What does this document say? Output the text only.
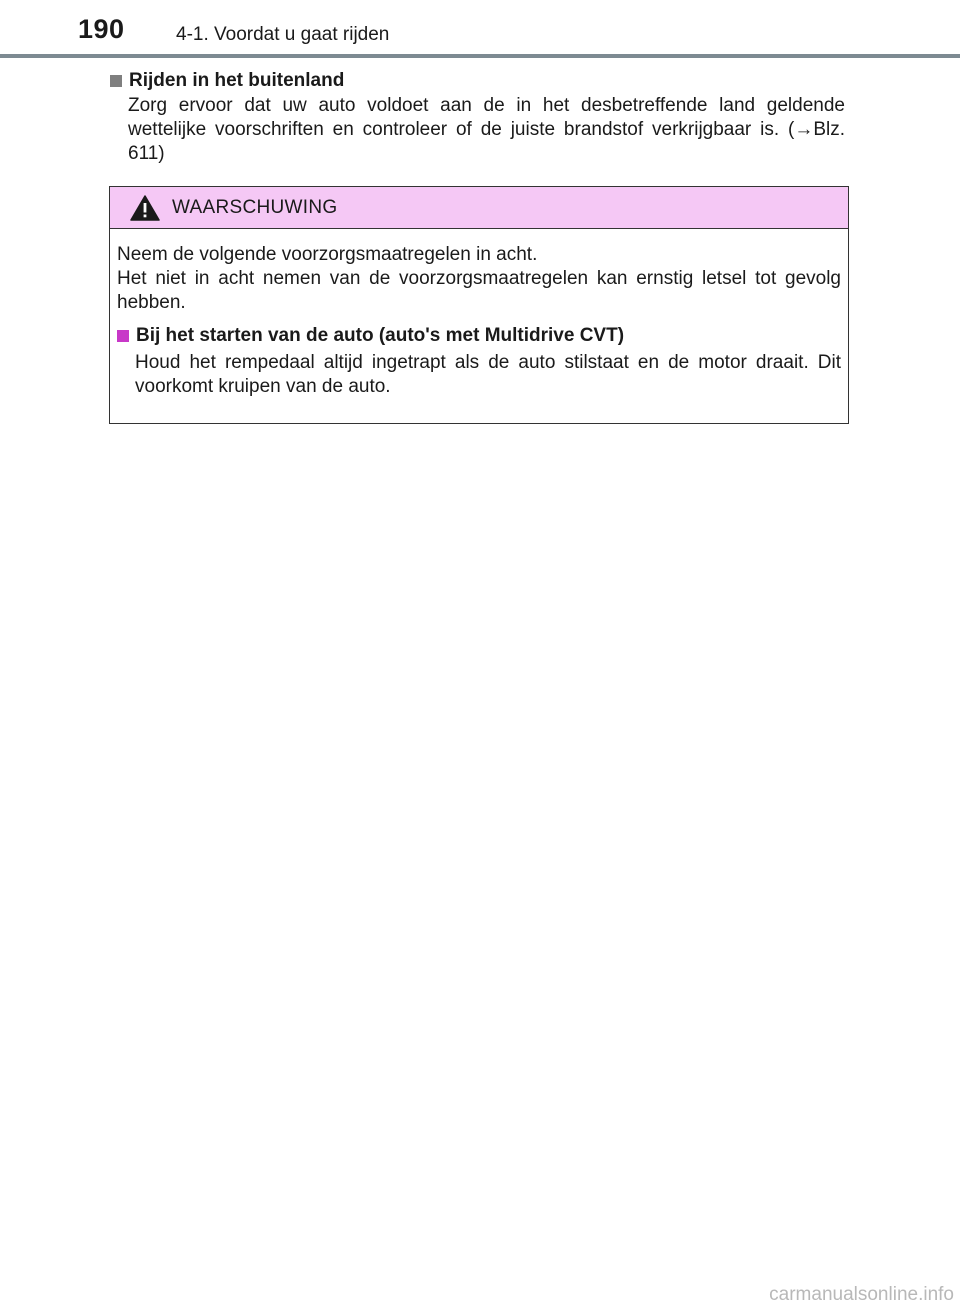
190	4-1. Voordat u gaat rijden
Rijden in het buitenland
Zorg ervoor dat uw auto voldoet aan de in het desbetreffende land geldende wettelijke voorschriften en controleer of de juiste brandstof verkrijgbaar is. (→Blz. 611)
WAARSCHUWING

Neem de volgende voorzorgsmaatregelen in acht.
Het niet in acht nemen van de voorzorgsmaatregelen kan ernstig letsel tot gevolg hebben.

Bij het starten van de auto (auto's met Multidrive CVT)
Houd het rempedaal altijd ingetrapt als de auto stilstaat en de motor draait. Dit voorkomt kruipen van de auto.
carmanualsonline.info
